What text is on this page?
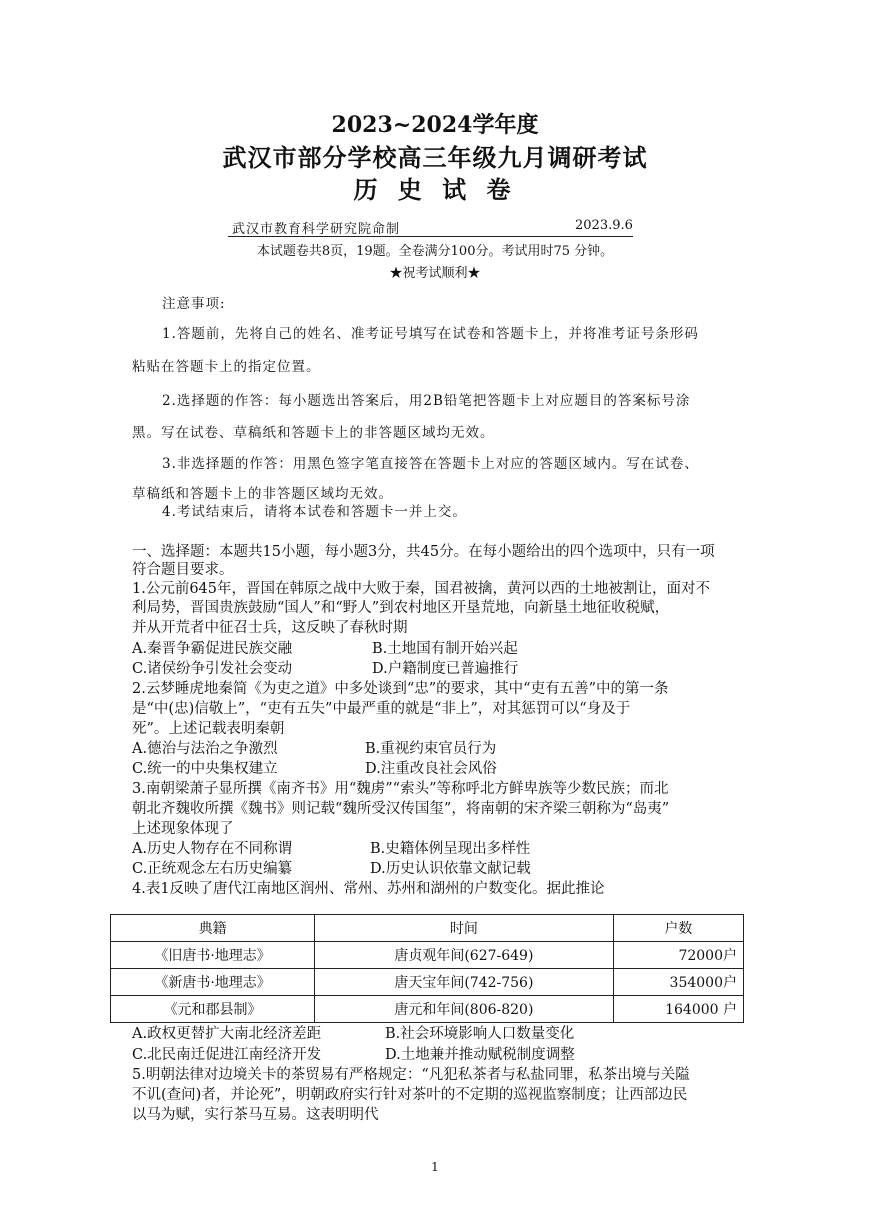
2023~2024学年度
武汉市部分学校高三年级九月调研考试
历 史 试 卷
武汉市教育科学研究院命制	2023.9.6
本试题卷共8页，19题。全卷满分100分。考试用时75 分钟。
★祝考试顺利★
注意事项:
1.答题前，先将自己的姓名、准考证号填写在试卷和答题卡上，并将准考证号条形码
粘贴在答题卡上的指定位置。
2.选择题的作答：每小题选出答案后，用2B铅笔把答题卡上对应题目的答案标号涂
黑。写在试卷、草稿纸和答题卡上的非答题区域均无效。
3.非选择题的作答：用黑色签字笔直接答在答题卡上对应的答题区域内。写在试卷、
草稿纸和答题卡上的非答题区域均无效。
4.考试结束后，请将本试卷和答题卡一并上交。
一、选择题：本题共15小题，每小题3分，共45分。在每小题给出的四个选项中，只有一项
符合题目要求。
1.公元前645年，晋国在韩原之战中大败于秦，国君被擒，黄河以西的土地被割让，面对不
利局势，晋国贵族鼓励“国人”和“野人”到农村地区开垦荒地，向新垦土地征收税赋，
并从开荒者中征召士兵，这反映了春秋时期
A.秦晋争霸促进民族交融	B.土地国有制开始兴起
C.诸侯纷争引发社会变动	D.户籍制度已普遍推行
2.云梦睡虎地秦简《为吏之道》中多处谈到“忠”的要求，其中“吏有五善”中的第一条
是“中(忠)信敬上”，“吏有五失”中最严重的就是“非上”，对其惩罚可以“身及于
死”。上述记载表明秦朝
A.德治与法治之争激烈	B.重视约束官员行为
C.统一的中央集权建立	D.注重改良社会风俗
3.南朝梁萧子显所撰《南齐书》用“魏虏”“索头”等称呼北方鲜卑族等少数民族；而北
朝北齐魏收所撰《魏书》则记载“魏所受汉传国玺”，将南朝的宋齐梁三朝称为“岛夷”
上述现象体现了
A.历史人物存在不同称谓	B.史籍体例呈现出多样性
C.正统观念左右历史编纂	D.历史认识依靠文献记载
4.表1反映了唐代江南地区润州、常州、苏州和湖州的户数变化。据此推论
典籍	时间	户数
《旧唐书·地理志》	唐贞观年间(627-649)	72000户
《新唐书·地理志》	唐天宝年间(742-756)	354000户
《元和郡县制》	唐元和年间(806-820)	164000 户
A.政权更替扩大南北经济差距	B.社会环境影响人口数量变化
C.北民南迁促进江南经济开发	D.土地兼并推动赋税制度调整
5.明朝法律对边境关卡的茶贸易有严格规定：“凡犯私茶者与私盐同罪，私茶出境与关隘
不讥(查问)者，并论死”，明朝政府实行针对茶叶的不定期的巡视监察制度；让西部边民
以马为赋，实行茶马互易。这表明明代
1
